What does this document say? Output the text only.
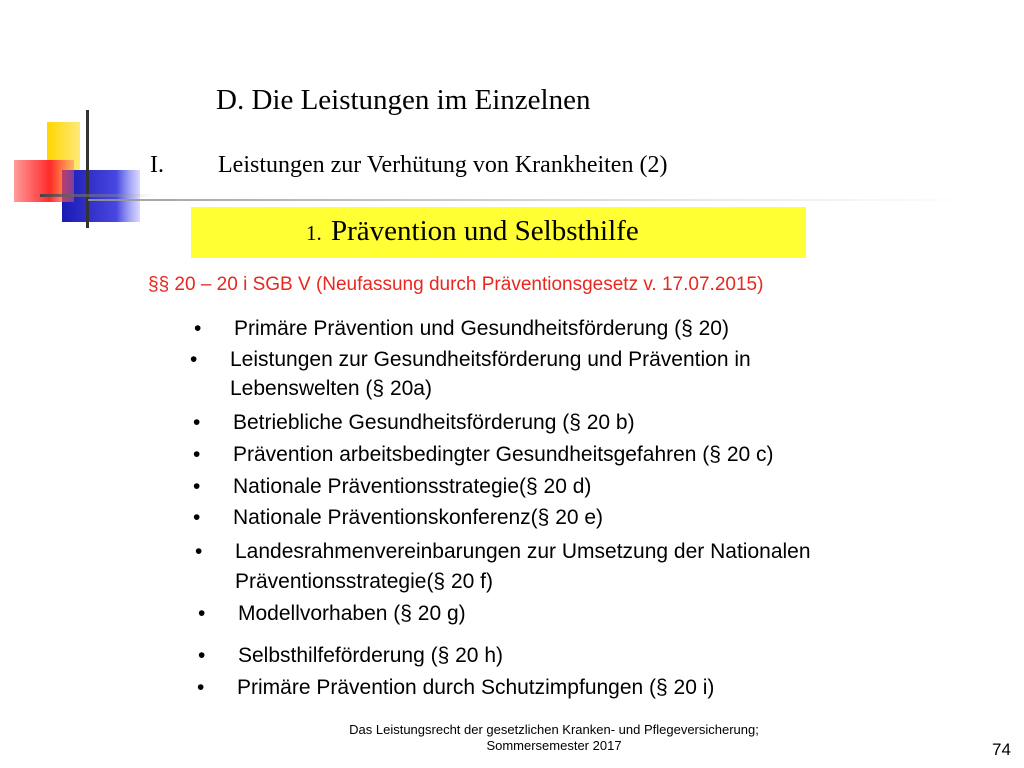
D. Die Leistungen im Einzelnen
I. Leistungen zur Verhütung von Krankheiten (2)
1. Prävention und Selbsthilfe
§§ 20 – 20 i SGB V (Neufassung durch Präventionsgesetz v. 17.07.2015)
• Primäre Prävention und Gesundheitsförderung (§ 20)
• Leistungen zur Gesundheitsförderung und Prävention in
Lebenswelten (§ 20a)
• Betriebliche Gesundheitsförderung (§ 20 b)
• Prävention arbeitsbedingter Gesundheitsgefahren (§ 20 c)
• Nationale Präventionsstrategie(§ 20 d)
• Nationale Präventionskonferenz(§ 20 e)
• Landesrahmenvereinbarungen zur Umsetzung der Nationalen
Präventionsstrategie(§ 20 f)
• Modellvorhaben (§ 20 g)
• Selbsthilfeförderung (§ 20 h)
• Primäre Prävention durch Schutzimpfungen (§ 20 i)
Das Leistungsrecht der gesetzlichen Kranken- und Pflegeversicherung;
Sommersemester 2017	74
